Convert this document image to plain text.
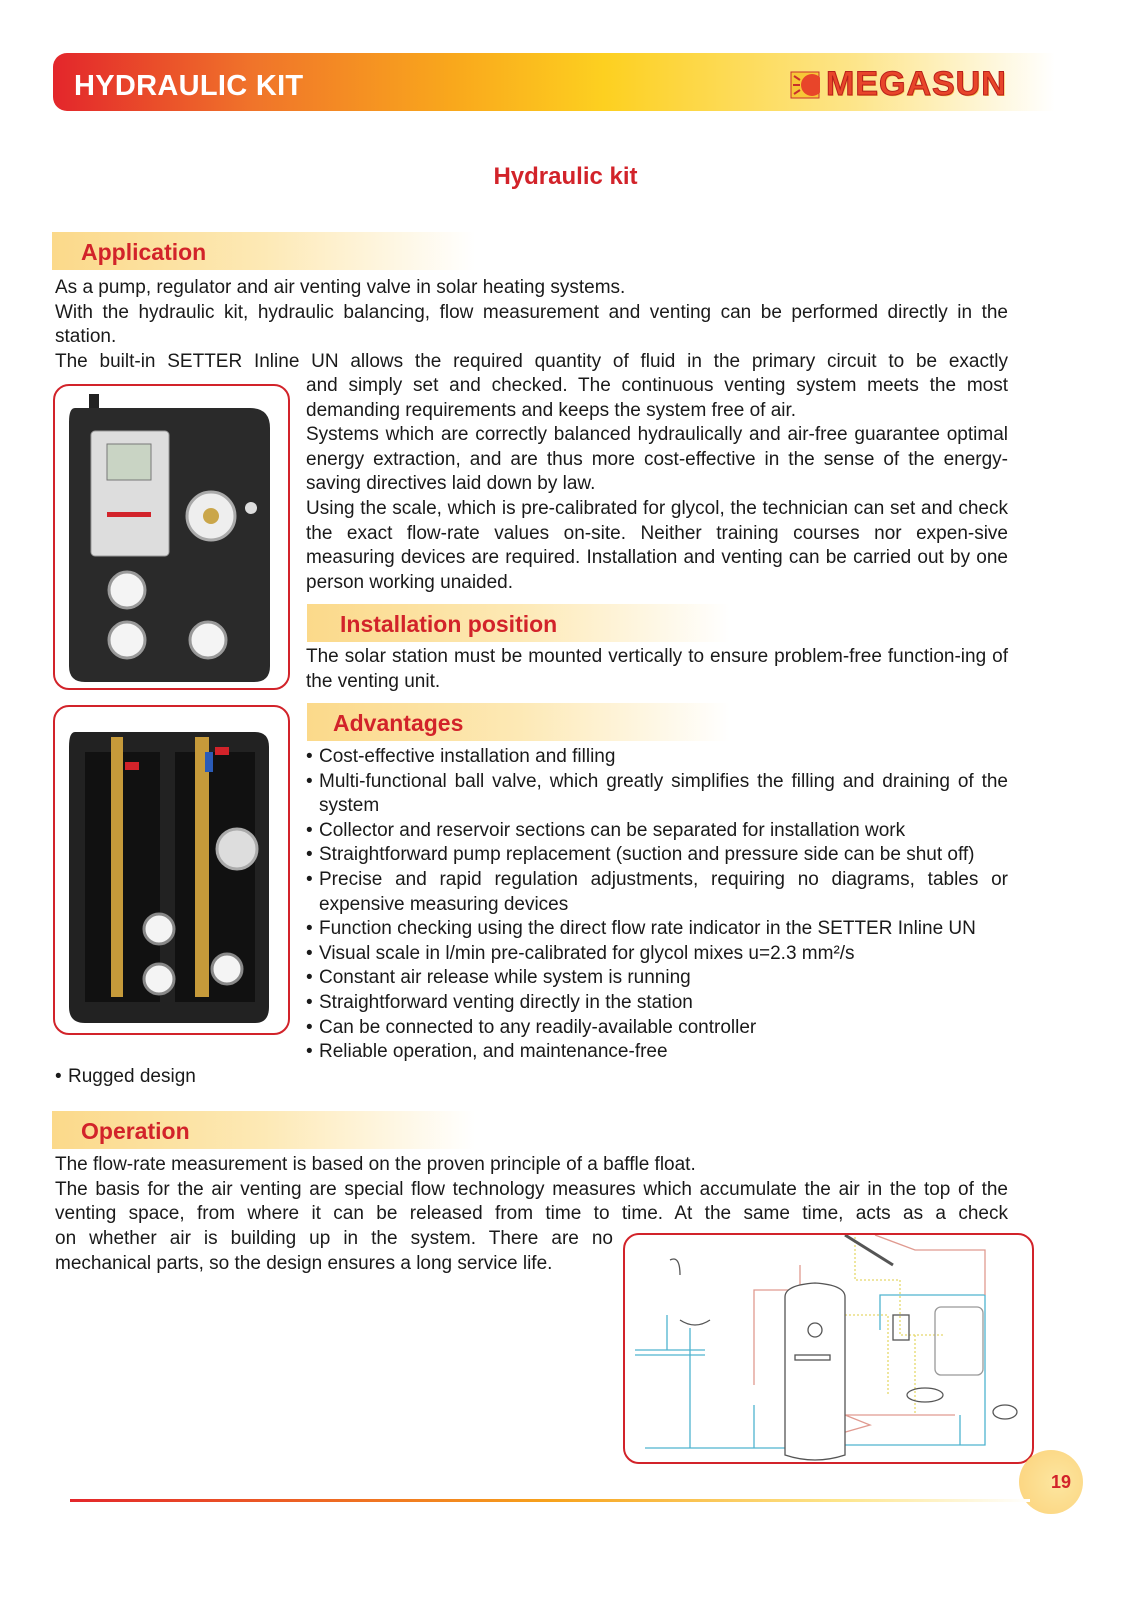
HYDRAULIC KIT	MEGASUN
Hydraulic kit
Application
As a pump, regulator and air venting valve in solar heating systems.
With the hydraulic kit, hydraulic balancing, flow measurement and venting can be performed directly in the station.
The built-in SETTER Inline UN allows the required quantity of fluid in the primary circuit to be exactly
and simply set and checked. The continuous venting system meets the most demanding requirements and keeps the system free of air.
Systems which are correctly balanced hydraulically and air-free guarantee optimal energy extraction, and are thus more cost-effective in the sense of the energy-saving directives laid down by law.
Using the scale, which is pre-calibrated for glycol, the technician can set and check the exact flow-rate values on-site. Neither training courses nor expen-sive measuring devices are required. Installation and venting can be carried out by one person working unaided.
Installation position
The solar station must be mounted vertically to ensure problem-free function-ing of the venting unit.
Advantages
• Cost-effective installation and filling
• Multi-functional ball valve, which greatly simplifies the filling and draining of the system
• Collector and reservoir sections can be separated for installation work
• Straightforward pump replacement (suction and pressure side can be shut off)
• Precise and rapid regulation adjustments, requiring no diagrams, tables or expensive measuring devices
• Function checking using the direct flow rate indicator in the SETTER Inline UN
• Visual scale in l/min pre-calibrated for glycol mixes u=2.3 mm²/s
• Constant air release while system is running
• Straightforward venting directly in the station
• Can be connected to any readily-available controller
• Reliable operation, and maintenance-free
• Rugged design
Operation
The flow-rate measurement is based on the proven principle of a baffle float.
The basis for the air venting are special flow technology measures which accumulate the air in the top of the venting space, from where it can be released from time to time. At the same time, acts as a check
on whether air is building up in the system. There are no mechanical parts, so the design ensures a long service life.
19
